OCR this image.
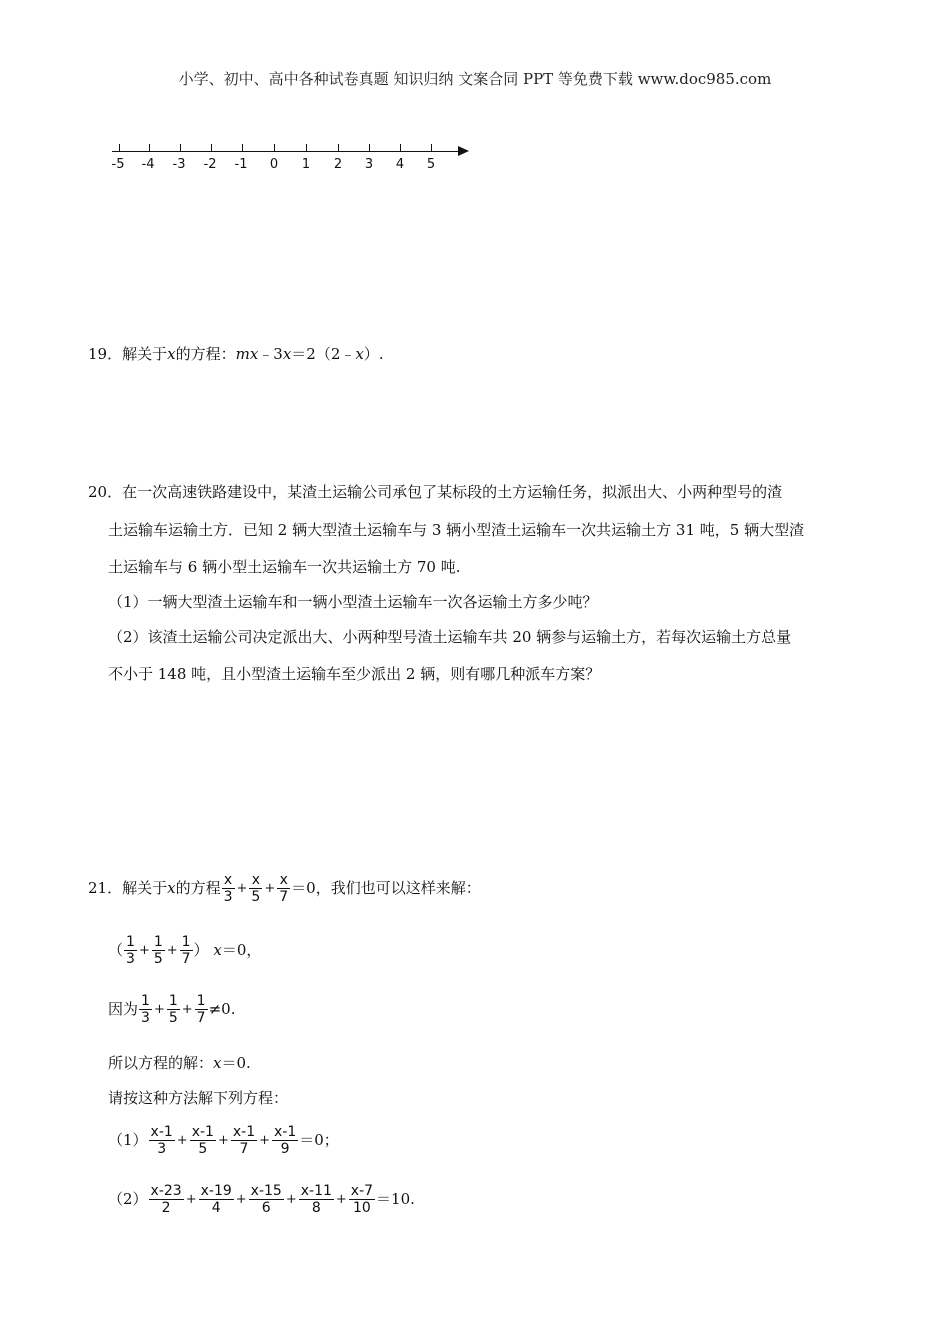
小学、初中、高中各种试卷真题 知识归纳 文案合同 PPT 等免费下载 www.doc985.com
-5	-4	-3	-2	-1	0	1	2	3	4	5
19．解关于x的方程：mx﹣3x＝2（2﹣x）.
20．在一次高速铁路建设中，某渣土运输公司承包了某标段的土方运输任务，拟派出大、小两种型号的渣
土运输车运输土方．已知 2 辆大型渣土运输车与 3 辆小型渣土运输车一次共运输土方 31 吨，5 辆大型渣
土运输车与 6 辆小型土运输车一次共运输土方 70 吨.
（1）一辆大型渣土运输车和一辆小型渣土运输车一次各运输土方多少吨？
（2）该渣土运输公司决定派出大、小两种型号渣土运输车共 20 辆参与运输土方，若每次运输土方总量
不小于 148 吨，且小型渣土运输车至少派出 2 辆，则有哪几种派车方案？
21．解关于x的方程 $\frac{x}{3} + \frac{x}{5} + \frac{x}{7} =0$，我们也可以这样来解：
（ $\frac{1}{3} + \frac{1}{5} + \frac{1}{7}$ ） x＝0，
因为 $\frac{1}{3} + \frac{1}{5} + \frac{1}{7} \ne 0$.
所以方程的解：x＝0.
请按这种方法解下列方程：
$(1) \frac{x-1}{3} + \frac{x-1}{5} + \frac{x-1}{7} + \frac{x-1}{9} =0$；
$(2) \frac{x-23}{2} + \frac{x-19}{4} + \frac{x-15}{6} + \frac{x-11}{8} + \frac{x-7}{10} =10$.
